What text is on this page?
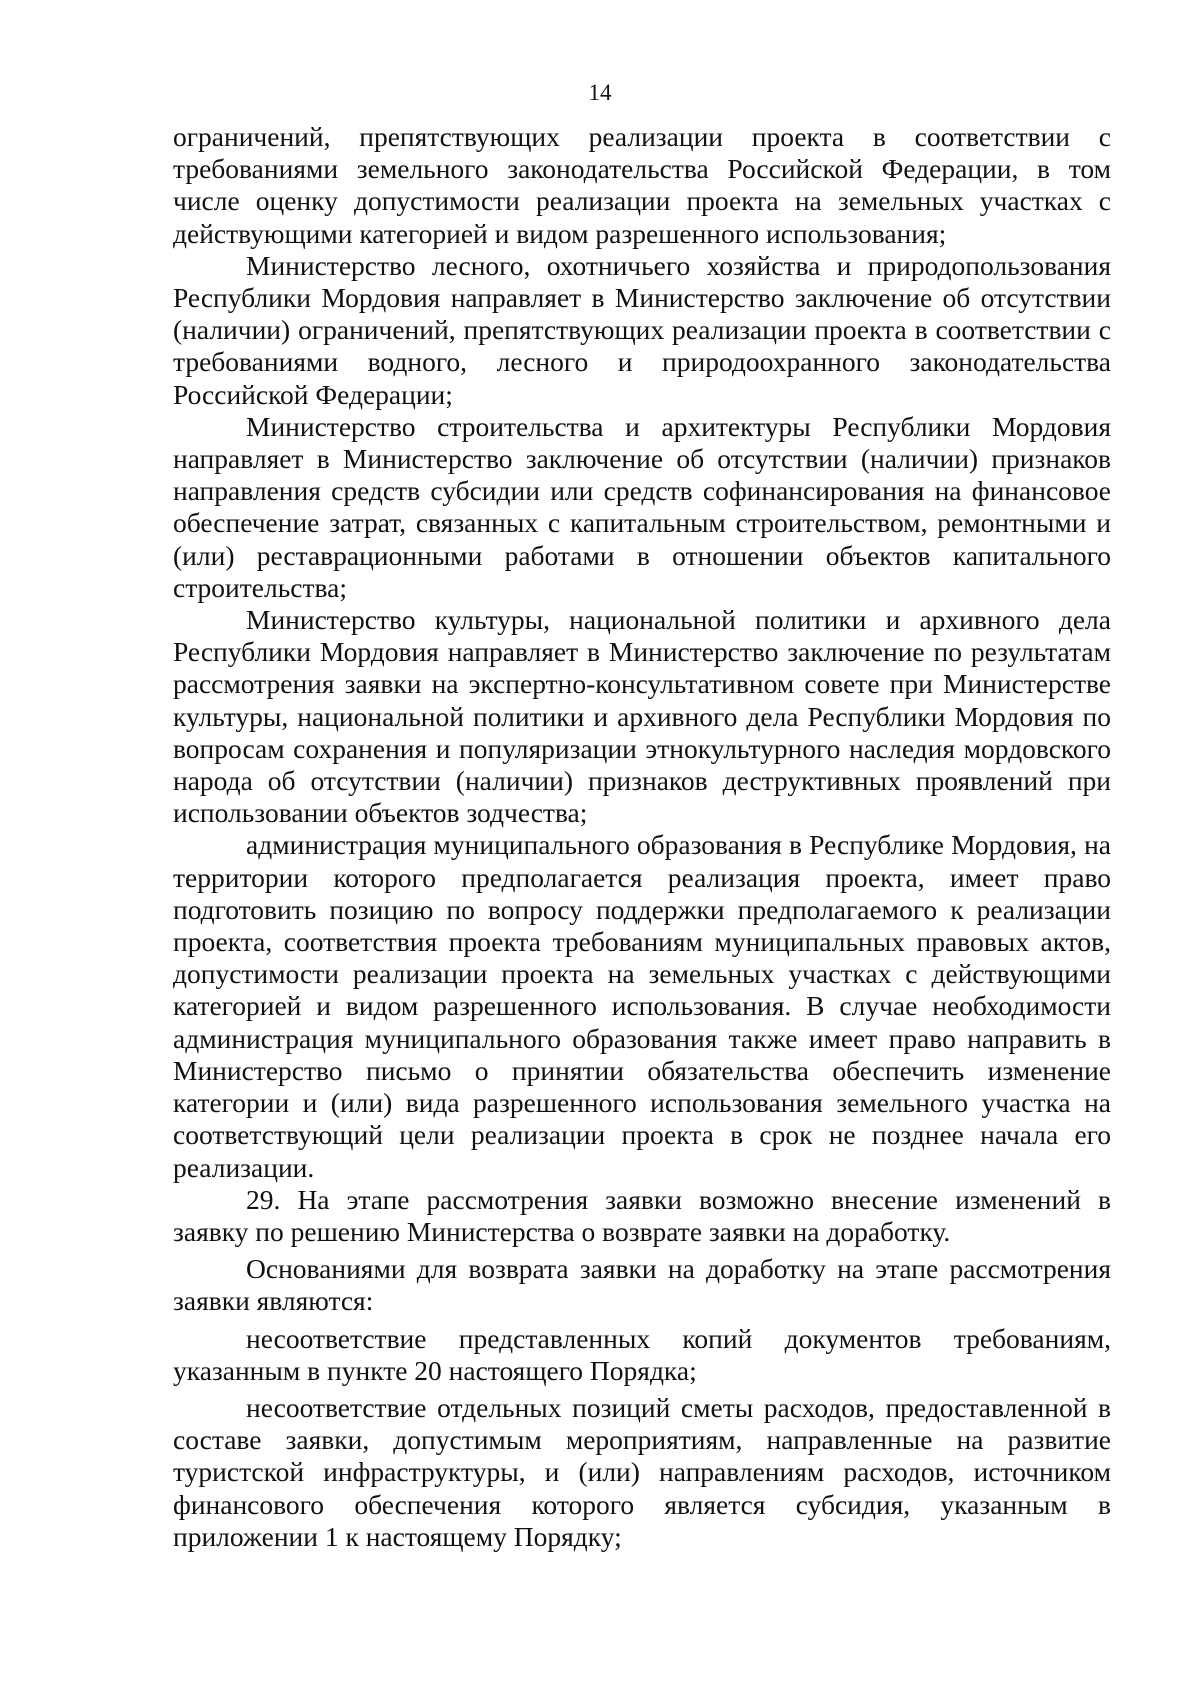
14

ограничений, препятствующих реализации проекта в соответствии с требованиями земельного законодательства Российской Федерации, в том числе оценку допустимости реализации проекта на земельных участках с действующими категорией и видом разрешенного использования;

Министерство лесного, охотничьего хозяйства и природопользования Республики Мордовия направляет в Министерство заключение об отсутствии (наличии) ограничений, препятствующих реализации проекта в соответствии с требованиями водного, лесного и природоохранного законодательства Российской Федерации;

Министерство строительства и архитектуры Республики Мордовия направляет в Министерство заключение об отсутствии (наличии) признаков направления средств субсидии или средств софинансирования на финансовое обеспечение затрат, связанных с капитальным строительством, ремонтными и (или) реставрационными работами в отношении объектов капитального строительства;

Министерство культуры, национальной политики и архивного дела Республики Мордовия направляет в Министерство заключение по результатам рассмотрения заявки на экспертно-консультативном совете при Министерстве культуры, национальной политики и архивного дела Республики Мордовия по вопросам сохранения и популяризации этнокультурного наследия мордовского народа об отсутствии (наличии) признаков деструктивных проявлений при использовании объектов зодчества;

администрация муниципального образования в Республике Мордовия, на территории которого предполагается реализация проекта, имеет право подготовить позицию по вопросу поддержки предполагаемого к реализации проекта, соответствия проекта требованиям муниципальных правовых актов, допустимости реализации проекта на земельных участках с действующими категорией и видом разрешенного использования. В случае необходимости администрация муниципального образования также имеет право направить в Министерство письмо о принятии обязательства обеспечить изменение категории и (или) вида разрешенного использования земельного участка на соответствующий цели реализации проекта в срок не позднее начала его реализации.

29. На этапе рассмотрения заявки возможно внесение изменений в заявку по решению Министерства о возврате заявки на доработку.

Основаниями для возврата заявки на доработку на этапе рассмотрения заявки являются:

несоответствие представленных копий документов требованиям, указанным в пункте 20 настоящего Порядка;

несоответствие отдельных позиций сметы расходов, предоставленной в составе заявки, допустимым мероприятиям, направленные на развитие туристской инфраструктуры, и (или) направлениям расходов, источником финансового обеспечения которого является субсидия, указанным в приложении 1 к настоящему Порядку;
